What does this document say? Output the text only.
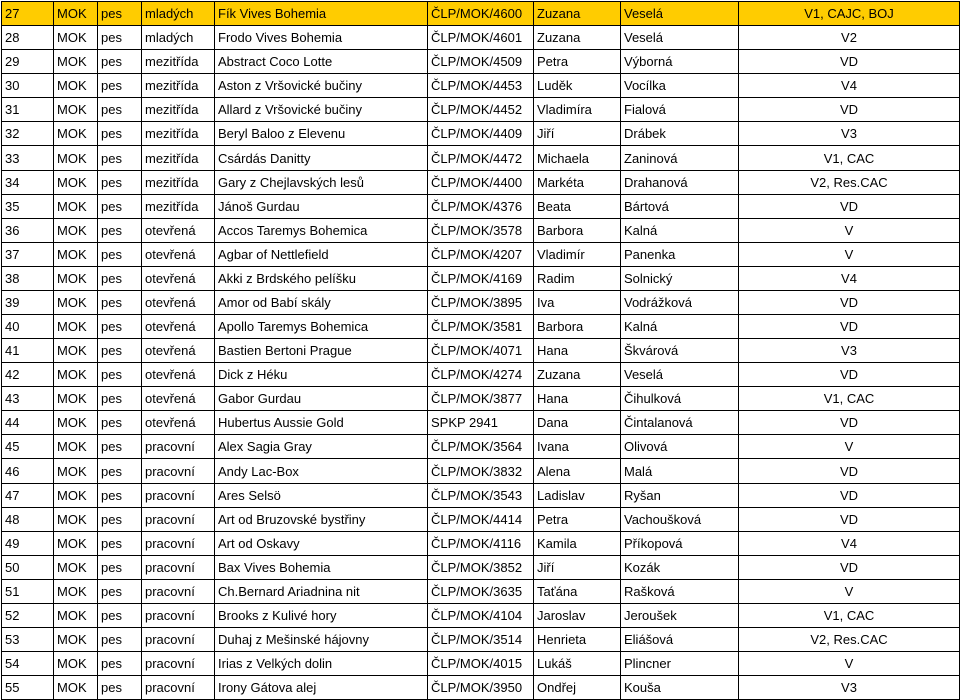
27	MOK	pes	mladých	Fík Vives Bohemia	ČLP/MOK/4600	Zuzana	Veselá	V1, CAJC, BOJ
28	MOK	pes	mladých	Frodo Vives Bohemia	ČLP/MOK/4601	Zuzana	Veselá	V2
29	MOK	pes	mezitřída	Abstract Coco Lotte	ČLP/MOK/4509	Petra	Výborná	VD
30	MOK	pes	mezitřída	Aston z Vršovické bučiny	ČLP/MOK/4453	Luděk	Vocílka	V4
31	MOK	pes	mezitřída	Allard z Vršovické bučiny	ČLP/MOK/4452	Vladimíra	Fialová	VD
32	MOK	pes	mezitřída	Beryl Baloo z Elevenu	ČLP/MOK/4409	Jiří	Drábek	V3
33	MOK	pes	mezitřída	Csárdás Danitty	ČLP/MOK/4472	Michaela	Zaninová	V1, CAC
34	MOK	pes	mezitřída	Gary z Chejlavských lesů	ČLP/MOK/4400	Markéta	Drahanová	V2, Res.CAC
35	MOK	pes	mezitřída	Jánoš Gurdau	ČLP/MOK/4376	Beata	Bártová	VD
36	MOK	pes	otevřená	Accos Taremys Bohemica	ČLP/MOK/3578	Barbora	Kalná	V
37	MOK	pes	otevřená	Agbar of Nettlefield	ČLP/MOK/4207	Vladimír	Panenka	V
38	MOK	pes	otevřená	Akki z Brdského pelíšku	ČLP/MOK/4169	Radim	Solnický	V4
39	MOK	pes	otevřená	Amor od Babí skály	ČLP/MOK/3895	Iva	Vodrážková	VD
40	MOK	pes	otevřená	Apollo Taremys Bohemica	ČLP/MOK/3581	Barbora	Kalná	VD
41	MOK	pes	otevřená	Bastien Bertoni Prague	ČLP/MOK/4071	Hana	Škvárová	V3
42	MOK	pes	otevřená	Dick z Héku	ČLP/MOK/4274	Zuzana	Veselá	VD
43	MOK	pes	otevřená	Gabor Gurdau	ČLP/MOK/3877	Hana	Čihulková	V1, CAC
44	MOK	pes	otevřená	Hubertus Aussie Gold	SPKP 2941	Dana	Čintalanová	VD
45	MOK	pes	pracovní	Alex Sagia Gray	ČLP/MOK/3564	Ivana	Olivová	V
46	MOK	pes	pracovní	Andy Lac-Box	ČLP/MOK/3832	Alena	Malá	VD
47	MOK	pes	pracovní	Ares Selsö	ČLP/MOK/3543	Ladislav	Ryšan	VD
48	MOK	pes	pracovní	Art od Bruzovské bystřiny	ČLP/MOK/4414	Petra	Vachoušková	VD
49	MOK	pes	pracovní	Art od Oskavy	ČLP/MOK/4116	Kamila	Příkopová	V4
50	MOK	pes	pracovní	Bax Vives Bohemia	ČLP/MOK/3852	Jiří	Kozák	VD
51	MOK	pes	pracovní	Ch.Bernard Ariadnina nit	ČLP/MOK/3635	Taťána	Rašková	V
52	MOK	pes	pracovní	Brooks z Kulivé hory	ČLP/MOK/4104	Jaroslav	Jeroušek	V1, CAC
53	MOK	pes	pracovní	Duhaj z Mešinské hájovny	ČLP/MOK/3514	Henrieta	Eliášová	V2, Res.CAC
54	MOK	pes	pracovní	Irias z Velkých dolin	ČLP/MOK/4015	Lukáš	Plincner	V
55	MOK	pes	pracovní	Irony Gátova alej	ČLP/MOK/3950	Ondřej	Kouša	V3
